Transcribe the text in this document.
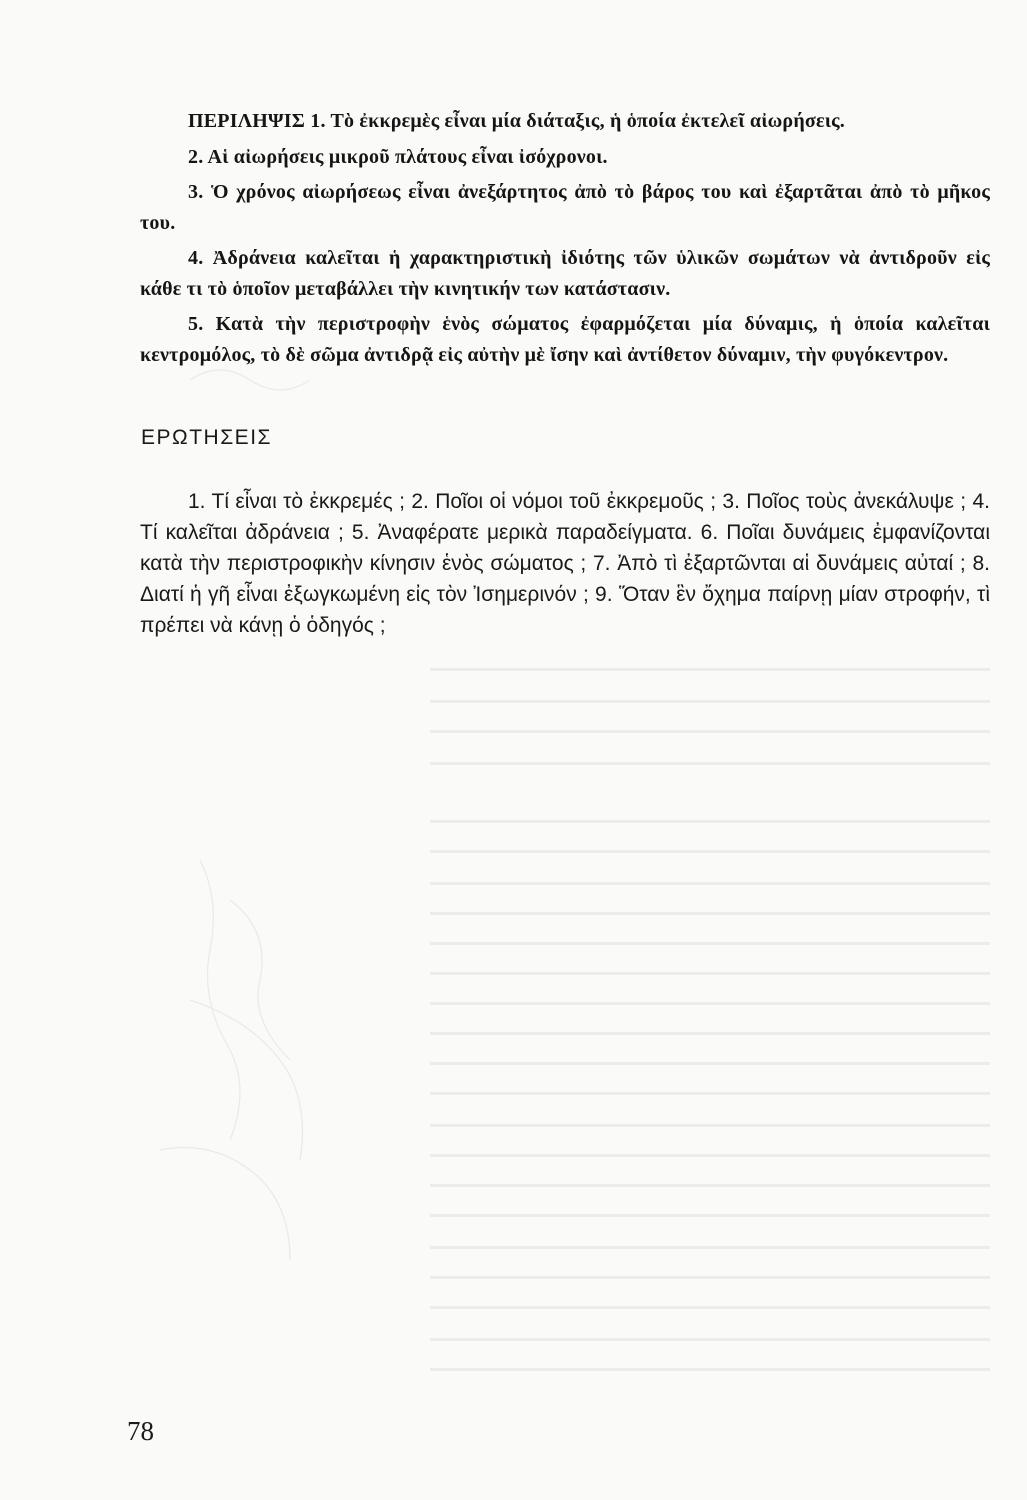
ΠΕΡΙΛΗΨΙΣ 1. Τὸ ἐκκρεμὲς εἶναι μία διάταξις, ἡ ὁποία ἐκτελεῖ αἰωρήσεις.

2. Αἱ αἰωρήσεις μικροῦ πλάτους εἶναι ἰσόχρονοι.

3. Ὁ χρόνος αἰωρήσεως εἶναι ἀνεξάρτητος ἀπὸ τὸ βάρος του καὶ ἐξαρτᾶται ἀπὸ τὸ μῆκος του.

4. Ἀδράνεια καλεῖται ἡ χαρακτηριστικὴ ἰδιότης τῶν ὑλικῶν σωμάτων νὰ ἀντιδροῦν εἰς κάθε τι τὸ ὁποῖον μεταβάλλει τὴν κινητικήν των κατάστασιν.

5. Κατὰ τὴν περιστροφὴν ἑνὸς σώματος ἐφαρμόζεται μία δύναμις, ἡ ὁποία καλεῖται κεντρομόλος, τὸ δὲ σῶμα ἀντιδρᾷ εἰς αὐτὴν μὲ ἴσην καὶ ἀντίθετον δύναμιν, τὴν φυγόκεντρον.

ΕΡΩΤΗΣΕΙΣ

1. Τί εἶναι τὸ ἐκκρεμές ; 2. Ποῖοι οἱ νόμοι τοῦ ἐκκρεμοῦς ; 3. Ποῖος τοὺς ἀνεκάλυψε ; 4. Τί καλεῖται ἀδράνεια ; 5. Ἀναφέρατε μερικὰ παραδείγματα. 6. Ποῖαι δυνάμεις ἐμφανίζονται κατὰ τὴν περιστροφικὴν κίνησιν ἑνὸς σώματος ; 7. Ἀπὸ τὶ ἐξαρτῶνται αἱ δυνάμεις αὐταί ; 8. Διατί ἡ γῆ εἶναι ἐξωγκωμένη εἰς τὸν Ἰσημερινόν ; 9. Ὅταν ἓν ὄχημα παίρνῃ μίαν στροφήν, τὶ πρέπει νὰ κάνῃ ὁ ὁδηγός ;

78
